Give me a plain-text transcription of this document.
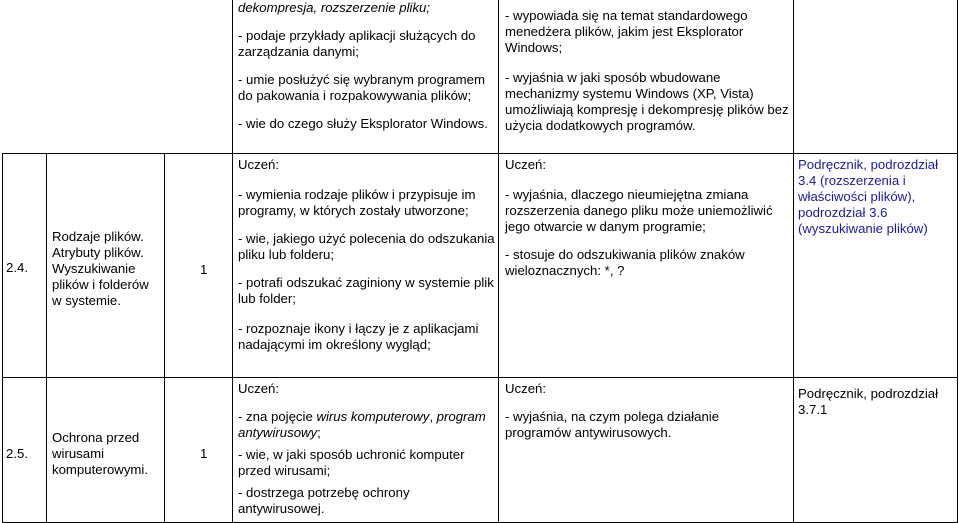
dekompresja, rozszerzenie pliku;

- podaje przykłady aplikacji służących do zarządzania danymi;

- umie posłużyć się wybranym programem do pakowania i rozpakowywania plików;

- wie do czego służy Eksplorator Windows.

- wypowiada się na temat standardowego menedżera plików, jakim jest Eksplorator Windows;

- wyjaśnia w jaki sposób wbudowane mechanizmy systemu Windows (XP, Vista) umożliwiają kompresję i dekompresję plików bez użycia dodatkowych programów.

2.4.

Rodzaje plików. Atrybuty plików. Wyszukiwanie plików i folderów w systemie.

1

Uczeń:

- wymienia rodzaje plików i przypisuje im programy, w których zostały utworzone;

- wie, jakiego użyć polecenia do odszukania pliku lub folderu;

- potrafi odszukać zaginiony w systemie plik lub folder;

- rozpoznaje ikony i łączy je z aplikacjami nadającymi im określony wygląd;

Uczeń:

- wyjaśnia, dlaczego nieumiejętna zmiana rozszerzenia danego pliku może uniemożliwić jego otwarcie w danym programie;

- stosuje do odszukiwania plików znaków wieloznacznych: *, ?

Podręcznik, podrozdział 3.4 (rozszerzenia i właściwości plików), podrozdział 3.6 (wyszukiwanie plików)

2.5.

Ochrona przed wirusami komputerowymi.

1

Uczeń:

- zna pojęcie wirus komputerowy, program antywirusowy;

- wie, w jaki sposób uchronić komputer przed wirusami;

- dostrzega potrzebę ochrony antywirusowej.

Uczeń:

- wyjaśnia, na czym polega działanie programów antywirusowych.

Podręcznik, podrozdział 3.7.1
